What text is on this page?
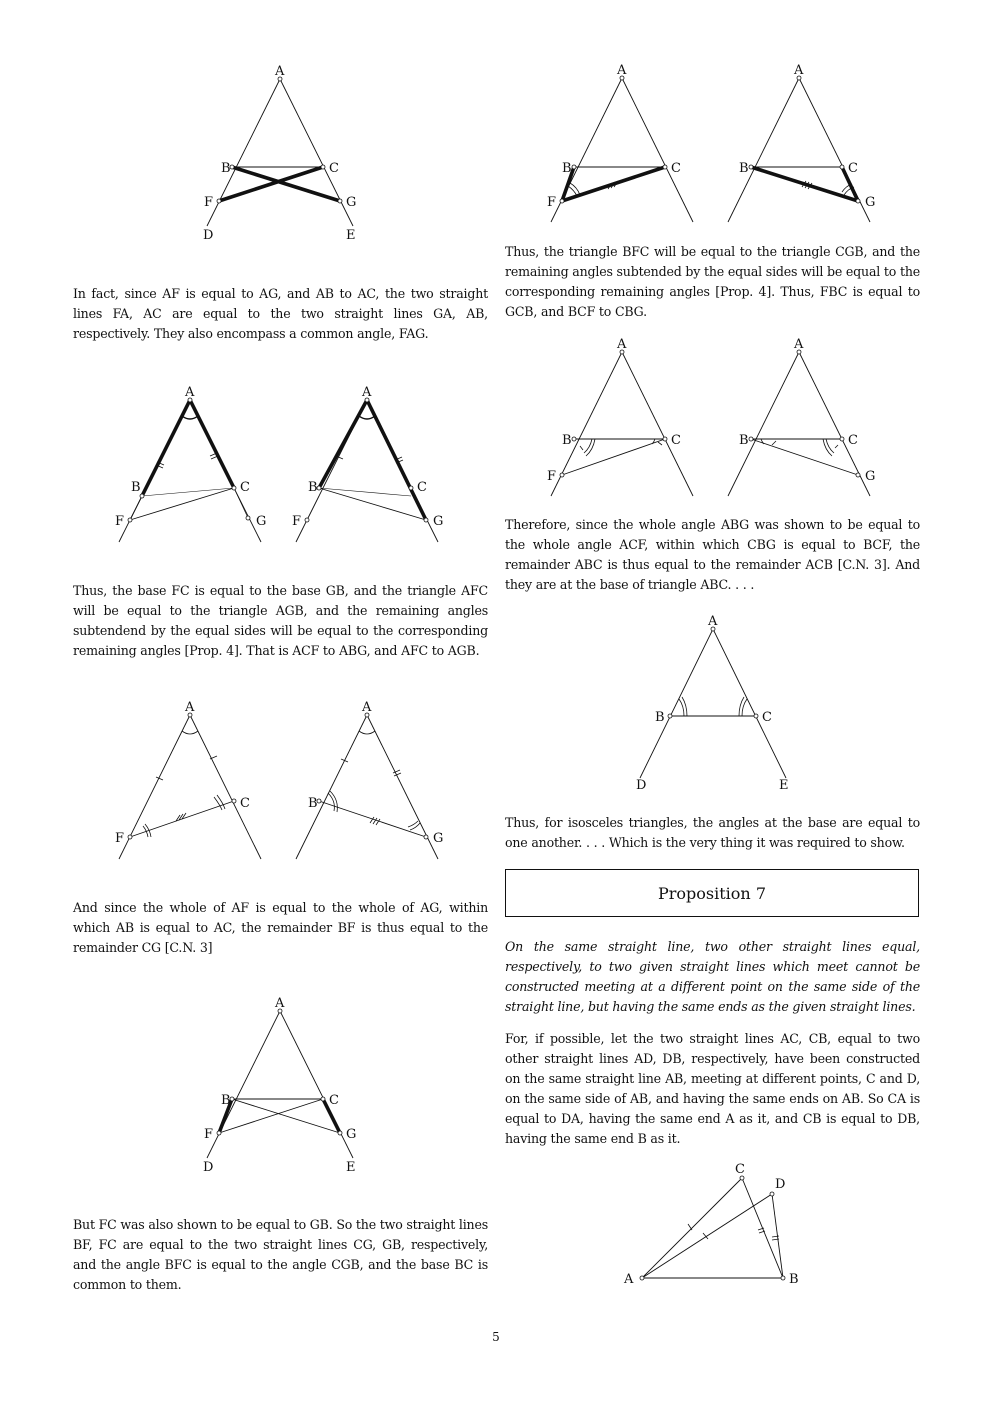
A
B	C
F	G
D	E

In fact, since AF is equal to AG, and AB to AC, the two straight lines FA, AC are equal to the two straight lines GA, AB, respectively. They also encompass a common angle, FAG.

A
B	C
F	G
A
B	C
F	G

Thus, the base FC is equal to the base GB, and the triangle AFC will be equal to the triangle AGB, and the remaining angles subtendend by the equal sides will be equal to the corresponding remaining angles [Prop. 4]. That is ACF to ABG, and AFC to AGB.

A
C
F
A
B
G

And since the whole of AF is equal to the whole of AG, within which AB is equal to AC, the remainder BF is thus equal to the remainder CG [C.N. 3]

A
B	C
F	G
D	E

But FC was also shown to be equal to GB. So the two straight lines BF, FC are equal to the two straight lines CG, GB, respectively, and the angle BFC is equal to the angle CGB, and the base BC is common to them.

A
B	C
F
A
B	C
G

Thus, the triangle BFC will be equal to the triangle CGB, and the remaining angles subtended by the equal sides will be equal to the corresponding remaining angles [Prop. 4]. Thus, FBC is equal to GCB, and BCF to CBG.

A
B	C
F
A
B	C
G

Therefore, since the whole angle ABG was shown to be equal to the whole angle ACF, within which CBG is equal to BCF, the remainder ABC is thus equal to the remainder ACB [C.N. 3]. And they are at the base of triangle ABC. . . .

A
B	C
D	E

Thus, for isosceles triangles, the angles at the base are equal to one another. . . . Which is the very thing it was required to show.

Proposition 7

On the same straight line, two other straight lines equal, respectively, to two given straight lines which meet cannot be constructed meeting at a different point on the same side of the straight line, but having the same ends as the given straight lines.

For, if possible, let the two straight lines AC, CB, equal to two other straight lines AD, DB, respectively, have been constructed on the same straight line AB, meeting at different points, C and D, on the same side of AB, and having the same ends on AB. So CA is equal to DA, having the same end A as it, and CB is equal to DB, having the same end B as it.

A	B
C
D
5
